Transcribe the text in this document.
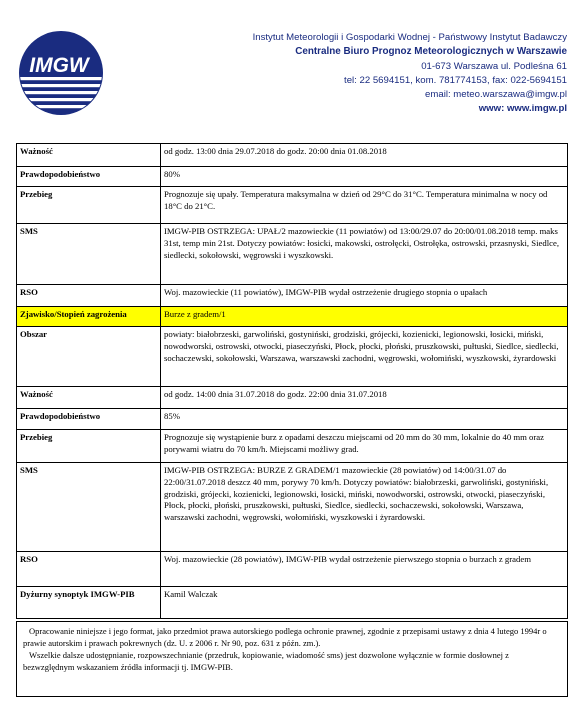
IMGW
Instytut Meteorologii i Gospodarki Wodnej - Państwowy Instytut Badawczy
Centralne Biuro Prognoz Meteorologicznych w Warszawie
01-673 Warszawa ul. Podleśna 61
tel: 22 5694151, kom. 781774153, fax: 022-5694151
email: meteo.warszawa@imgw.pl
www: www.imgw.pl
Ważność	od godz. 13:00 dnia 29.07.2018 do godz. 20:00 dnia 01.08.2018
Prawdopodobieństwo	80%
Przebieg	Prognozuje się upały. Temperatura maksymalna w dzień od 29°C do 31°C. Temperatura minimalna w nocy od 18°C do 21°C.
SMS	IMGW-PIB OSTRZEGA: UPAŁ/2 mazowieckie (11 powiatów) od 13:00/29.07 do 20:00/01.08.2018 temp. maks 31st, temp min 21st. Dotyczy powiatów: łosicki, makowski, ostrołęcki, Ostrołęka, ostrowski, przasnyski, Siedlce, siedlecki, sokołowski, węgrowski i wyszkowski.
RSO	Woj. mazowieckie (11 powiatów), IMGW-PIB wydał ostrzeżenie drugiego stopnia o upałach
Zjawisko/Stopień zagrożenia	Burze z gradem/1
Obszar	powiaty: białobrzeski, garwoliński, gostyniński, grodziski, grójecki, kozienicki, legionowski, łosicki, miński, nowodworski, ostrowski, otwocki, piaseczyński, Płock, płocki, płoński, pruszkowski, pułtuski, Siedlce, siedlecki, sochaczewski, sokołowski, Warszawa, warszawski zachodni, węgrowski, wołomiński, wyszkowski, żyrardowski
Ważność	od godz. 14:00 dnia 31.07.2018 do godz. 22:00 dnia 31.07.2018
Prawdopodobieństwo	85%
Przebieg	Prognozuje się wystąpienie burz z opadami deszczu miejscami od 20 mm do 30 mm, lokalnie do 40 mm oraz porywami wiatru do 70 km/h. Miejscami możliwy grad.
SMS	IMGW-PIB OSTRZEGA: BURZE Z GRADEM/1 mazowieckie (28 powiatów) od 14:00/31.07 do 22:00/31.07.2018 deszcz 40 mm, porywy 70 km/h. Dotyczy powiatów: białobrzeski, garwoliński, gostyniński, grodziski, grójecki, kozienicki, legionowski, łosicki, miński, nowodworski, ostrowski, otwocki, piaseczyński, Płock, płocki, płoński, pruszkowski, pułtuski, Siedlce, siedlecki, sochaczewski, sokołowski, Warszawa, warszawski zachodni, węgrowski, wołomiński, wyszkowski i żyrardowski.
RSO	Woj. mazowieckie (28 powiatów), IMGW-PIB wydał ostrzeżenie pierwszego stopnia o burzach z gradem
Dyżurny synoptyk IMGW-PIB	Kamil Walczak

Opracowanie niniejsze i jego format, jako przedmiot prawa autorskiego podlega ochronie prawnej, zgodnie z przepisami ustawy z dnia 4 lutego 1994r o prawie autorskim i prawach pokrewnych (dz. U. z 2006 r. Nr 90, poz. 631 z późn. zm.).

Wszelkie dalsze udostępnianie, rozpowszechnianie (przedruk, kopiowanie, wiadomość sms) jest dozwolone wyłącznie w formie dosłownej z bezwzględnym wskazaniem źródła informacji tj. IMGW-PIB.
